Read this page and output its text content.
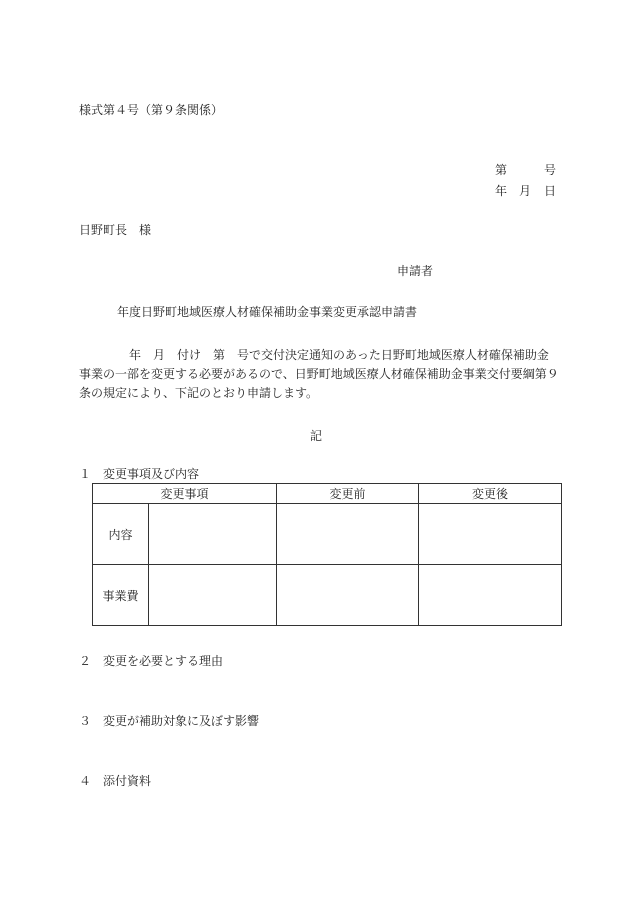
様式第４号（第９条関係）
第	号
年 月 日
日野町長　様
申請者
年度日野町地域医療人材確保補助金事業変更承認申請書
年　月　付け　第　号で交付決定通知のあった日野町地域医療人材確保補助金事業の一部を変更する必要があるので、日野町地域医療人材確保補助金事業交付要綱第９条の規定により、下記のとおり申請します。
記
１　変更事項及び内容
変更事項		変更前	変更後
内容			
事業費			
２　変更を必要とする理由
３　変更が補助対象に及ぼす影響
４　添付資料
